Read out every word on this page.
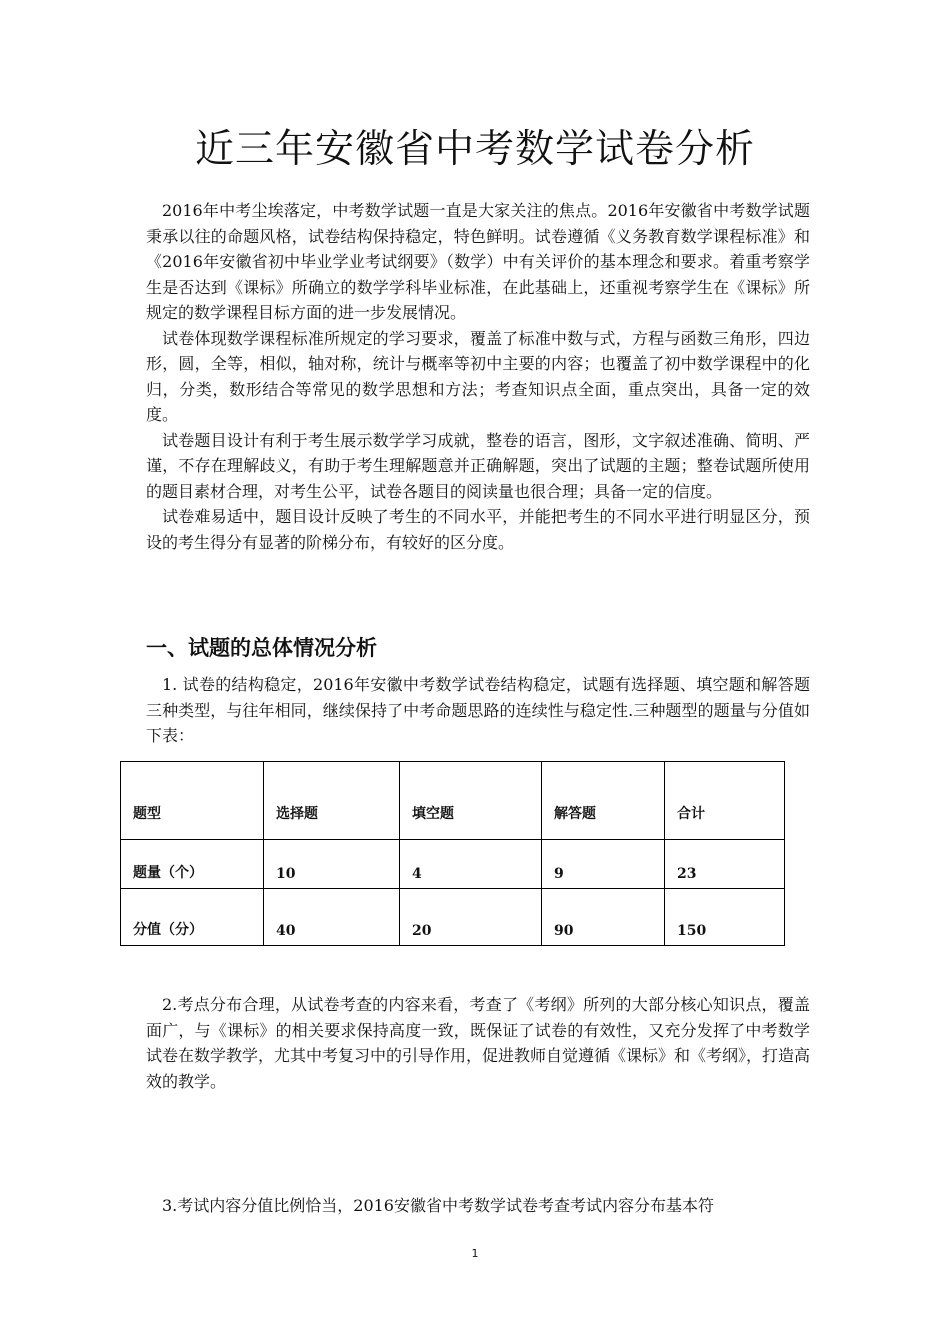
近三年安徽省中考数学试卷分析

2016年中考尘埃落定，中考数学试题一直是大家关注的焦点。2016年安徽省中考数学试题秉承以往的命题风格，试卷结构保持稳定，特色鲜明。试卷遵循《义务教育数学课程标准》和《2016年安徽省初中毕业学业考试纲要》（数学）中有关评价的基本理念和要求。着重考察学生是否达到《课标》所确立的数学学科毕业标准，在此基础上，还重视考察学生在《课标》所规定的数学课程目标方面的进一步发展情况。

试卷体现数学课程标准所规定的学习要求，覆盖了标准中数与式，方程与函数三角形，四边形，圆，全等，相似，轴对称，统计与概率等初中主要的内容；也覆盖了初中数学课程中的化归，分类，数形结合等常见的数学思想和方法；考查知识点全面，重点突出，具备一定的效度。

试卷题目设计有利于考生展示数学学习成就，整卷的语言，图形，文字叙述准确、简明、严谨，不存在理解歧义，有助于考生理解题意并正确解题，突出了试题的主题；整卷试题所使用的题目素材合理，对考生公平，试卷各题目的阅读量也很合理；具备一定的信度。

试卷难易适中，题目设计反映了考生的不同水平，并能把考生的不同水平进行明显区分，预设的考生得分有显著的阶梯分布，有较好的区分度。

一、试题的总体情况分析

1. 试卷的结构稳定，2016年安徽中考数学试卷结构稳定，试题有选择题、填空题和解答题三种类型，与往年相同，继续保持了中考命题思路的连续性与稳定性.三种题型的题量与分值如下表：

题型	选择题	填空题	解答题	合计
题量（个）	10	4	9	23
分值（分）	40	20	90	150

2.考点分布合理，从试卷考查的内容来看，考查了《考纲》所列的大部分核心知识点，覆盖面广，与《课标》的相关要求保持高度一致，既保证了试卷的有效性，又充分发挥了中考数学试卷在数学教学，尤其中考复习中的引导作用，促进教师自觉遵循《课标》和《考纲》，打造高效的教学。

3.考试内容分值比例恰当，2016安徽省中考数学试卷考查考试内容分布基本符

1
